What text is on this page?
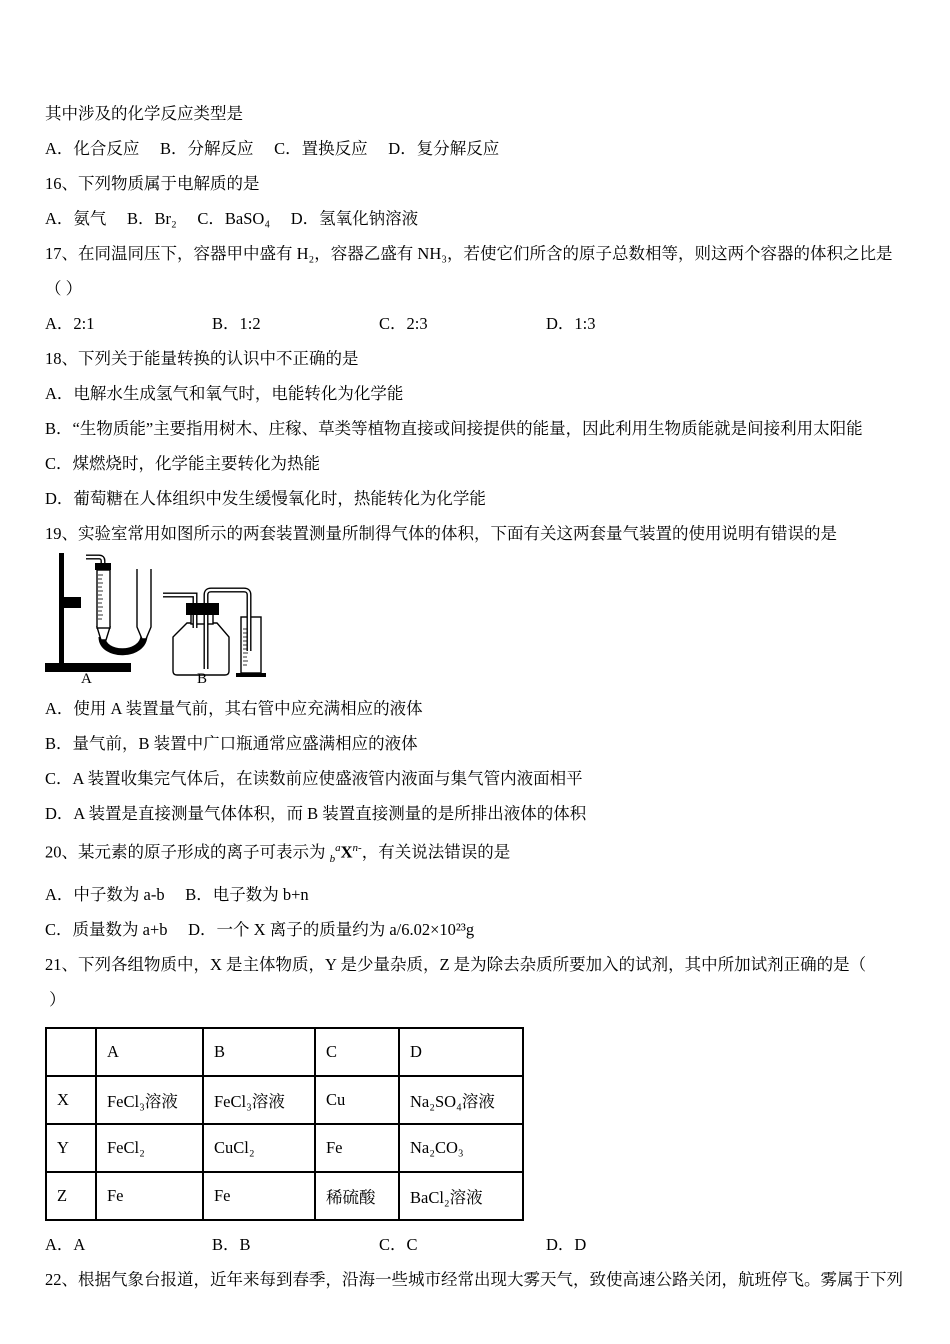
其中涉及的化学反应类型是
A．化合反应　 B．分解反应　 C．置换反应　 D．复分解反应
16、下列物质属于电解质的是
A．氨气　 B．Br₂　 C．BaSO₄　 D．氢氧化钠溶液
17、在同温同压下，容器甲中盛有 H₂，容器乙盛有 NH₃，若使它们所含的原子总数相等，则这两个容器的体积之比是
（ ）
A．2:1	B．1:2	C．2:3	D．1:3
18、下列关于能量转换的认识中不正确的是
A．电解水生成氢气和氧气时，电能转化为化学能
B．“生物质能”主要指用树木、庄稼、草类等植物直接或间接提供的能量，因此利用生物质能就是间接利用太阳能
C．煤燃烧时，化学能主要转化为热能
D．葡萄糖在人体组织中发生缓慢氧化时，热能转化为化学能
19、实验室常用如图所示的两套装置测量所制得气体的体积，下面有关这两套量气装置的使用说明有错误的是
A	B
A．使用 A 装置量气前，其右管中应充满相应的液体
B．量气前，B 装置中广口瓶通常应盛满相应的液体
C．A 装置收集完气体后，在读数前应使盛液管内液面与集气管内液面相平
D．A 装置是直接测量气体体积，而 B 装置直接测量的是所排出液体的体积
20、某元素的原子形成的离子可表示为 $_b^aX^{n-}$，有关说法错误的是
A．中子数为 a-b　 B．电子数为 b+n
C．质量数为 a+b　 D．一个 X 离子的质量约为 a/6.02×10²³g
21、下列各组物质中，X 是主体物质，Y 是少量杂质，Z 是为除去杂质所要加入的试剂，其中所加试剂正确的是（
）
	A	B	C	D
X	FeCl₃溶液	FeCl₃溶液	Cu	Na₂SO₄溶液
Y	FeCl₂	CuCl₂	Fe	Na₂CO₃
Z	Fe	Fe	稀硫酸	BaCl₂溶液
A．A	B．B	C．C	D．D
22、根据气象台报道，近年来每到春季，沿海一些城市经常出现大雾天气，致使高速公路关闭，航班停飞。雾属于下列
